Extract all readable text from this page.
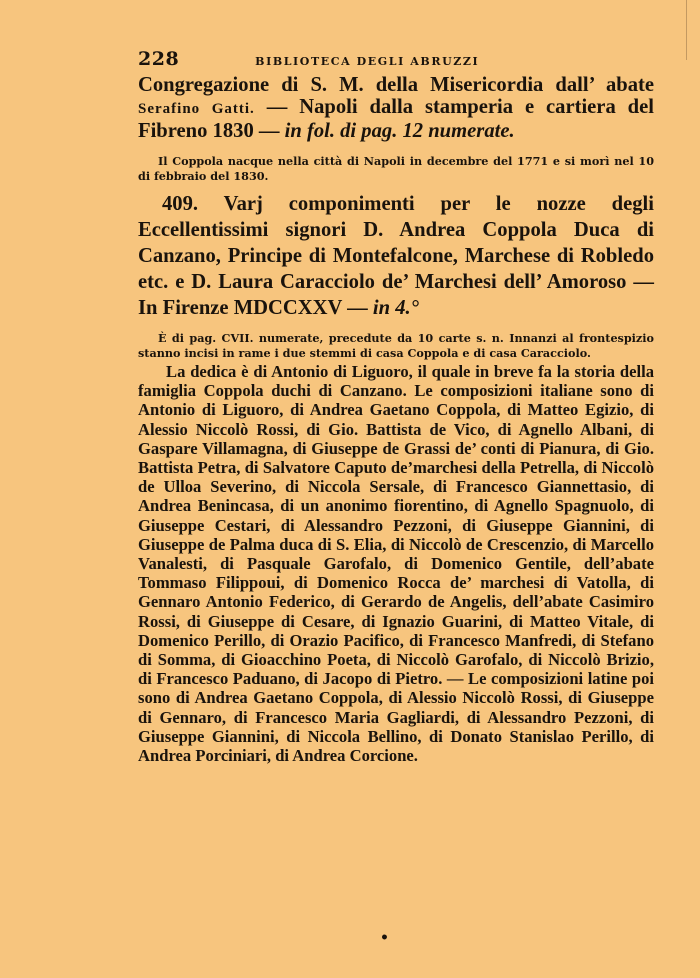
228	BIBLIOTECA DEGLI ABRUZZI

Congregazione di S. M. della Misericordia dall’ abate Serafino Gatti. — Napoli dalla stamperia e cartiera del Fibreno 1830 — in fol. di pag. 12 numerate.

Il Coppola nacque nella città di Napoli in decembre del 1771 e si morì nel 10 di febbraio del 1830.

409. Varj componimenti per le nozze degli Eccellentissimi signori D. Andrea Coppola Duca di Canzano, Principe di Montefalcone, Marchese di Robledo etc. e D. Laura Caracciolo de’ Marchesi dell’ Amoroso — In Firenze MDCCXXV — in 4.°

È di pag. CVII. numerate, precedute da 10 carte s. n. Innanzi al frontespizio stanno incisi in rame i due stemmi di casa Coppola e di casa Caracciolo.

La dedica è di Antonio di Liguoro, il quale in breve fa la storia della famiglia Coppola duchi di Canzano. Le composizioni italiane sono di Antonio di Liguoro, di Andrea Gaetano Coppola, di Matteo Egizio, di Alessio Niccolò Rossi, di Gio. Battista de Vico, di Agnello Albani, di Gaspare Villamagna, di Giuseppe de Grassi de’ conti di Pianura, di Gio. Battista Petra, di Salvatore Caputo de’marchesi della Petrella, di Niccolò de Ulloa Severino, di Niccola Sersale, di Francesco Giannettasio, di Andrea Benincasa, di un anonimo fiorentino, di Agnello Spagnuolo, di Giuseppe Cestari, di Alessandro Pezzoni, di Giuseppe Giannini, di Giuseppe de Palma duca di S. Elia, di Niccolò de Crescenzio, di Marcello Vanalesti, di Pasquale Garofalo, di Domenico Gentile, dell’abate Tommaso Filippoui, di Domenico Rocca de’ marchesi di Vatolla, di Gennaro Antonio Federico, di Gerardo de Angelis, dell’abate Casimiro Rossi, di Giuseppe di Cesare, di Ignazio Guarini, di Matteo Vitale, di Domenico Perillo, di Orazio Pacifico, di Francesco Manfredi, di Stefano di Somma, di Gioacchino Poeta, di Niccolò Garofalo, di Niccolò Brizio, di Francesco Paduano, di Jacopo di Pietro. — Le composizioni latine poi sono di Andrea Gaetano Coppola, di Alessio Niccolò Rossi, di Giuseppe di Gennaro, di Francesco Maria Gagliardi, di Alessandro Pezzoni, di Giuseppe Giannini, di Niccola Bellino, di Donato Stanislao Perillo, di Andrea Porciniari, di Andrea Corcione.

•
